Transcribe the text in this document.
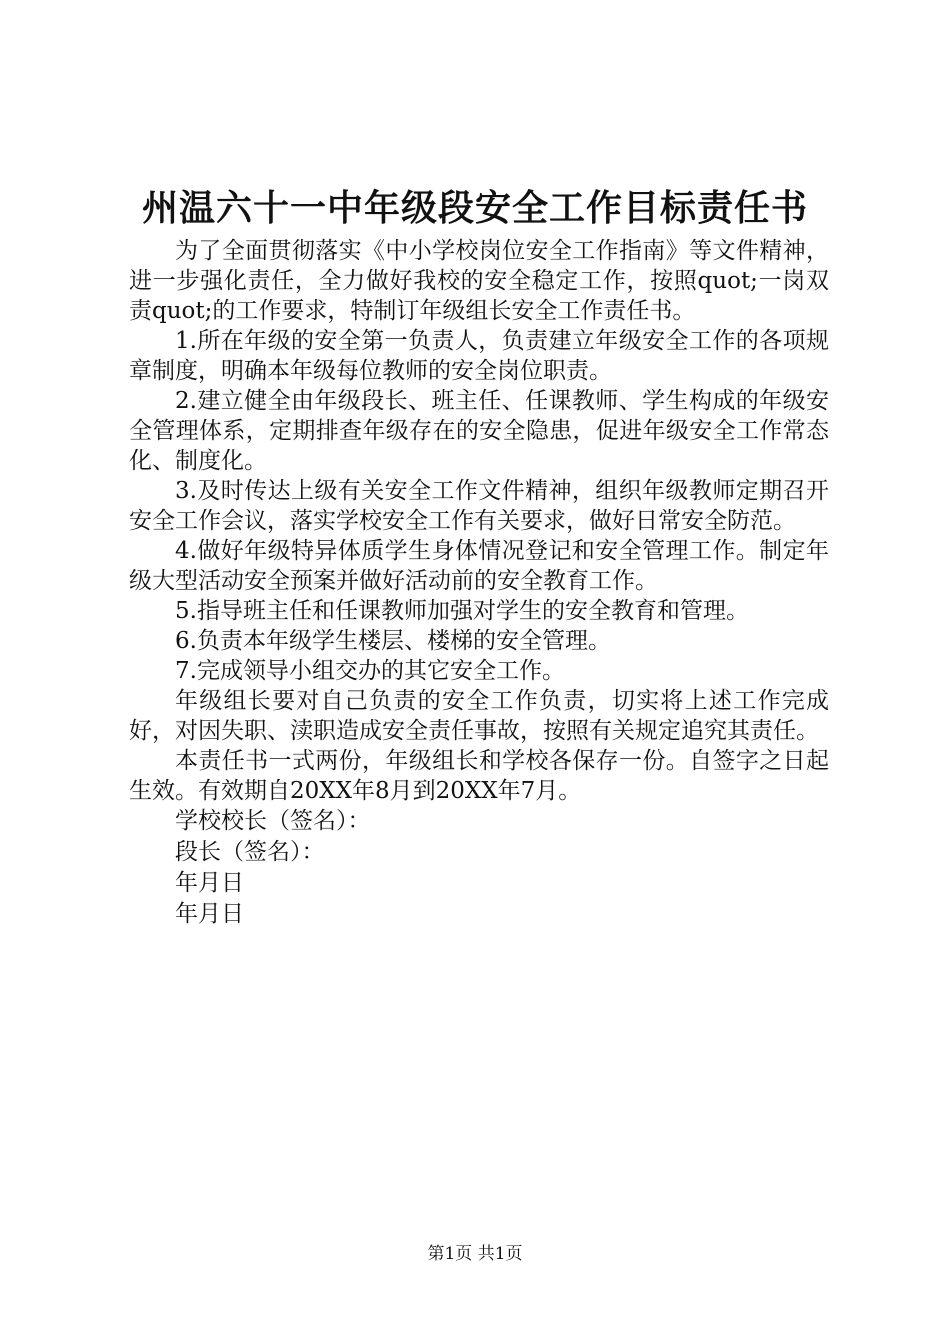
州温六十一中年级段安全工作目标责任书

为了全面贯彻落实《中小学校岗位安全工作指南》等文件精神，进一步强化责任，全力做好我校的安全稳定工作，按照quot;一岗双责quot;的工作要求，特制订年级组长安全工作责任书。

1.所在年级的安全第一负责人，负责建立年级安全工作的各项规章制度，明确本年级每位教师的安全岗位职责。

2.建立健全由年级段长、班主任、任课教师、学生构成的年级安全管理体系，定期排查年级存在的安全隐患，促进年级安全工作常态化、制度化。

3.及时传达上级有关安全工作文件精神，组织年级教师定期召开安全工作会议，落实学校安全工作有关要求，做好日常安全防范。

4.做好年级特异体质学生身体情况登记和安全管理工作。制定年级大型活动安全预案并做好活动前的安全教育工作。

5.指导班主任和任课教师加强对学生的安全教育和管理。

6.负责本年级学生楼层、楼梯的安全管理。

7.完成领导小组交办的其它安全工作。

年级组长要对自己负责的安全工作负责，切实将上述工作完成好，对因失职、渎职造成安全责任事故，按照有关规定追究其责任。

本责任书一式两份，年级组长和学校各保存一份。自签字之日起生效。有效期自20XX年8月到20XX年7月。

学校校长（签名）：

段长（签名）：

年月日

年月日

第1页 共1页
